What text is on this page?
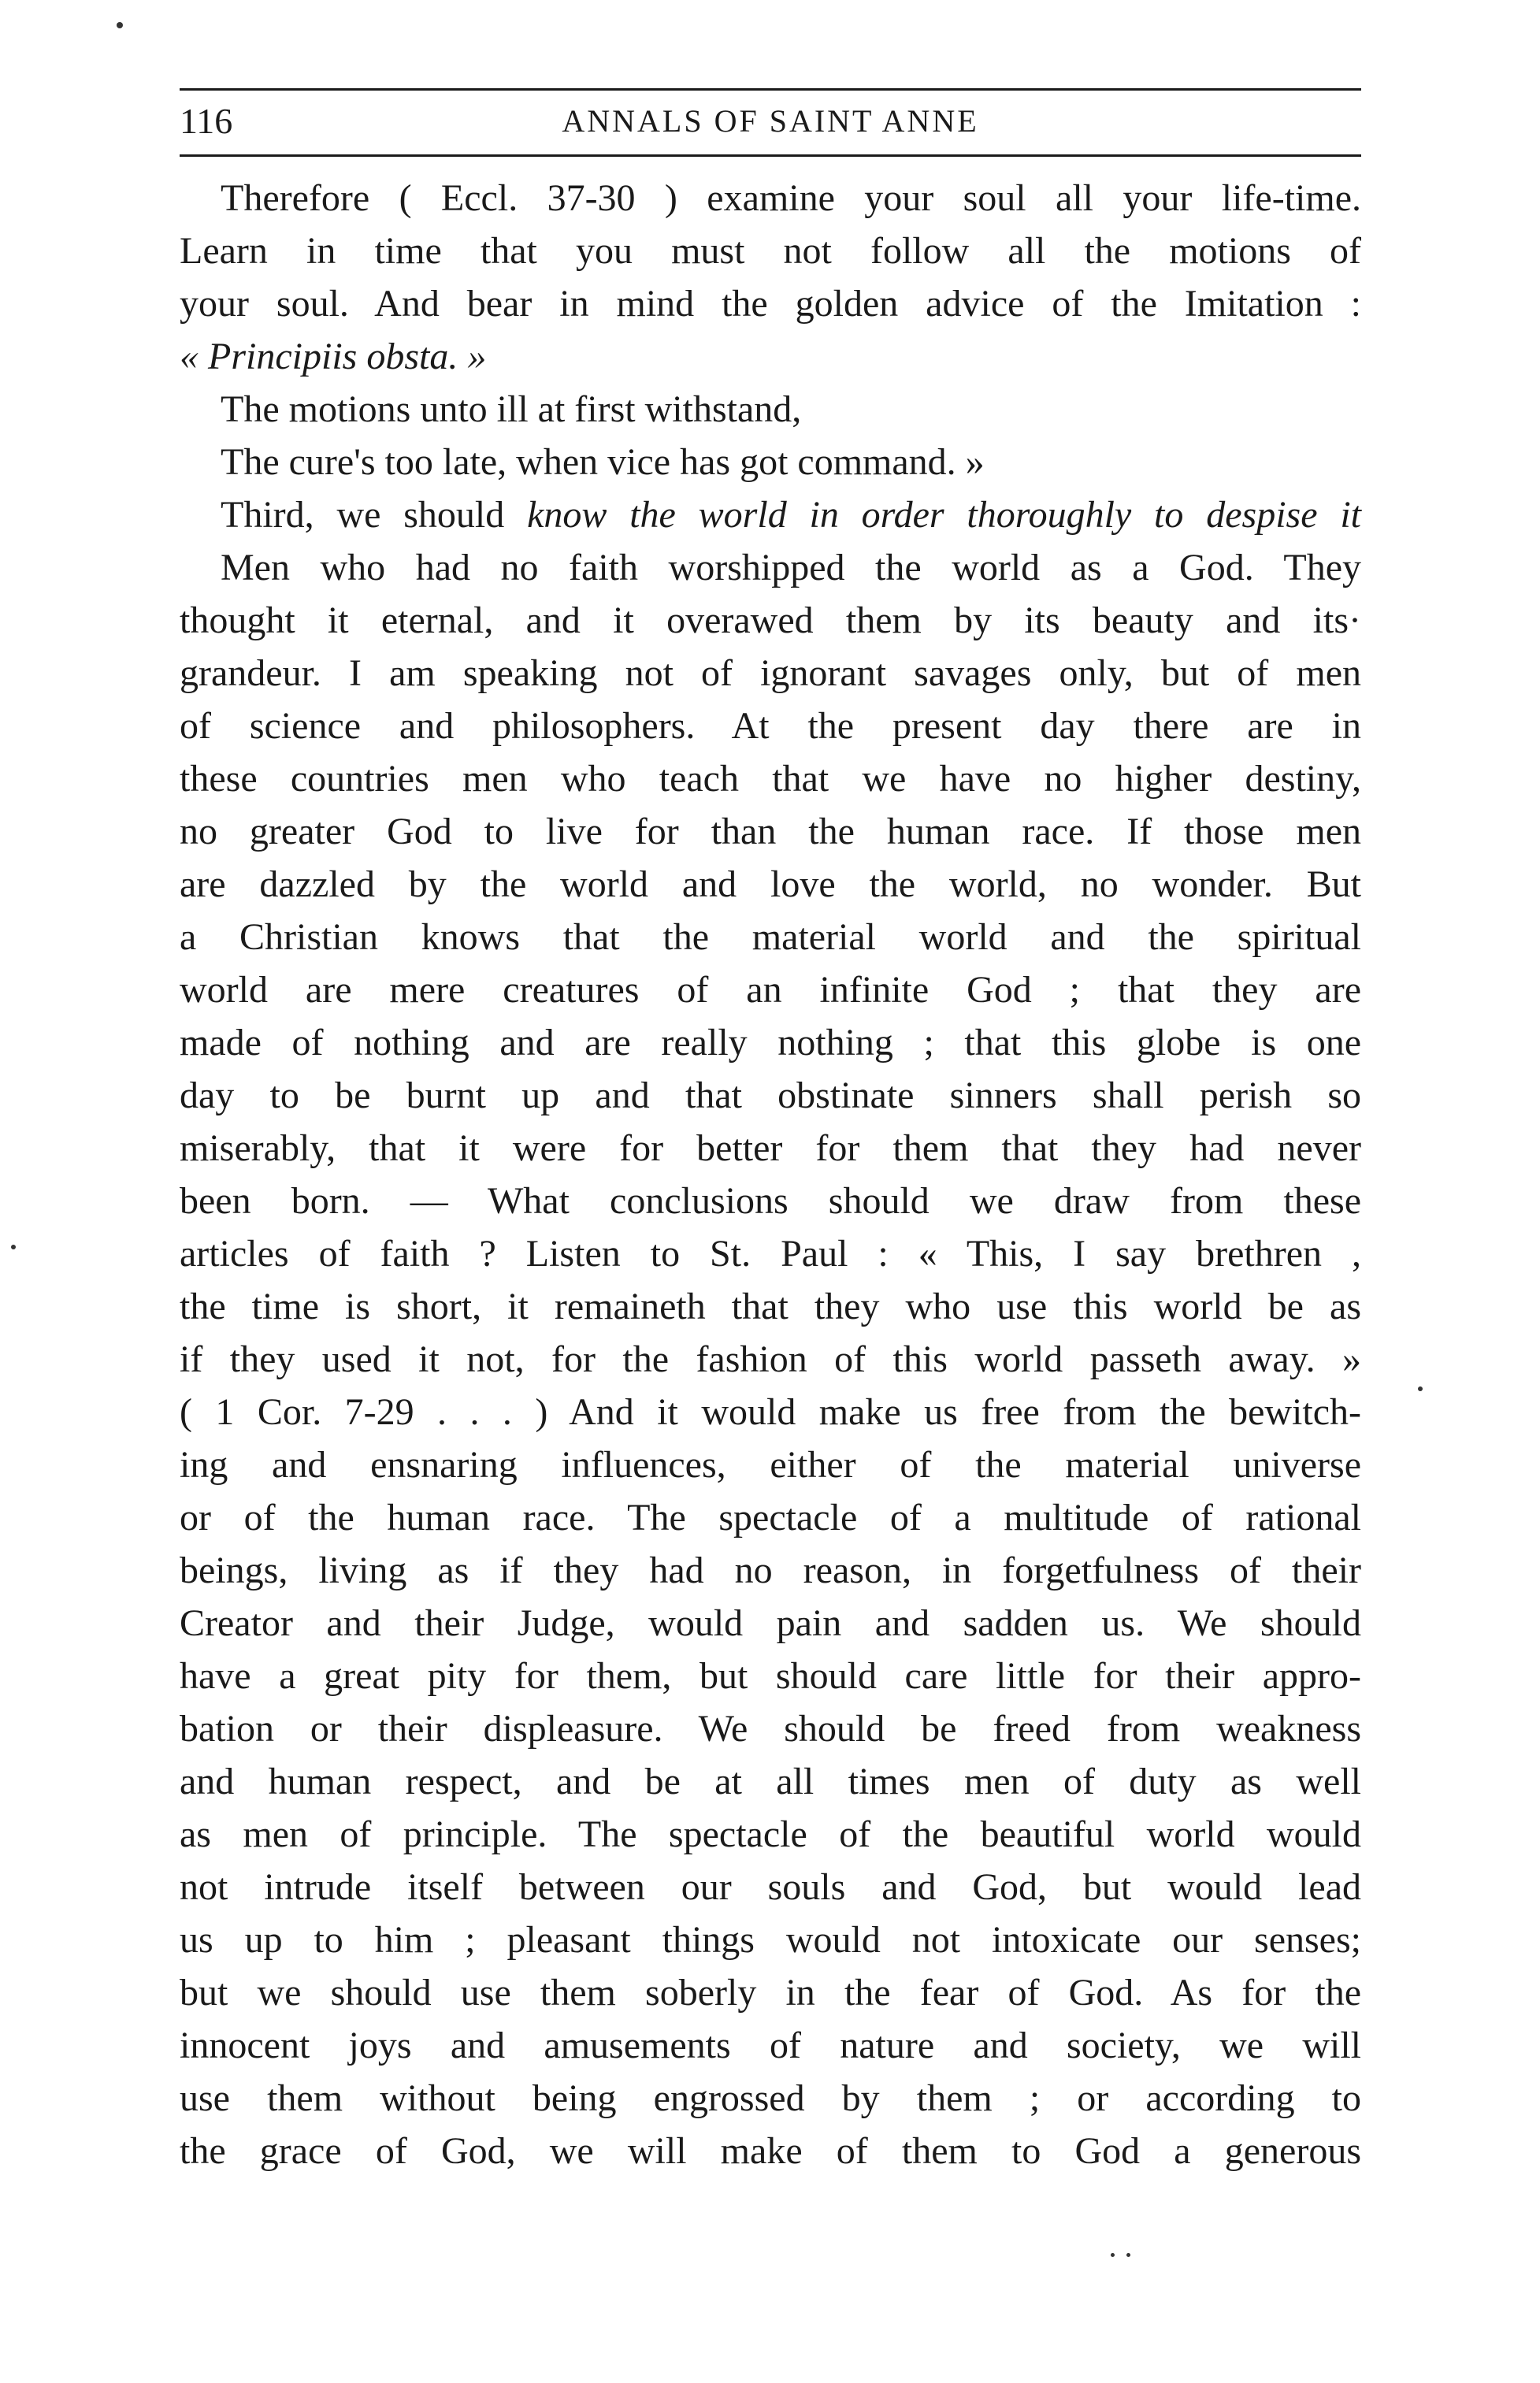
116	ANNALS OF SAINT ANNE
Therefore ( Eccl. 37-30 ) examine your soul all your life-time.
Learn in time that you must not follow all the motions of
your soul. And bear in mind the golden advice of the Imitation :
« Principiis obsta. »
The motions unto ill at first withstand,
The cure's too late, when vice has got command. »
Third, we should know the world in order thoroughly to despise it
Men who had no faith worshipped the world as a God. They
thought it eternal, and it overawed them by its beauty and its·
grandeur. I am speaking not of ignorant savages only, but of men
of science and philosophers. At the present day there are in
these countries men who teach that we have no higher destiny,
no greater God to live for than the human race. If those men
are dazzled by the world and love the world, no wonder. But
a Christian knows that the material world and the spiritual
world are mere creatures of an infinite God ; that they are
made of nothing and are really nothing ; that this globe is one
day to be burnt up and that obstinate sinners shall perish so
miserably, that it were for better for them that they had never
been born. — What conclusions should we draw from these
articles of faith ? Listen to St. Paul : « This, I say brethren ,
the time is short, it remaineth that they who use this world be as
if they used it not, for the fashion of this world passeth away. »
( 1 Cor. 7-29 . . . ) And it would make us free from the bewitch-
ing and ensnaring influences, either of the material universe
or of the human race. The spectacle of a multitude of rational
beings, living as if they had no reason, in forgetfulness of their
Creator and their Judge, would pain and sadden us. We should
have a great pity for them, but should care little for their appro-
bation or their displeasure. We should be freed from weakness
and human respect, and be at all times men of duty as well
as men of principle. The spectacle of the beautiful world would
not intrude itself between our souls and God, but would lead
us up to him ; pleasant things would not intoxicate our senses;
but we should use them soberly in the fear of God. As for the
innocent joys and amusements of nature and society, we will
use them without being engrossed by them ; or according to
the grace of God, we will make of them to God a generous
